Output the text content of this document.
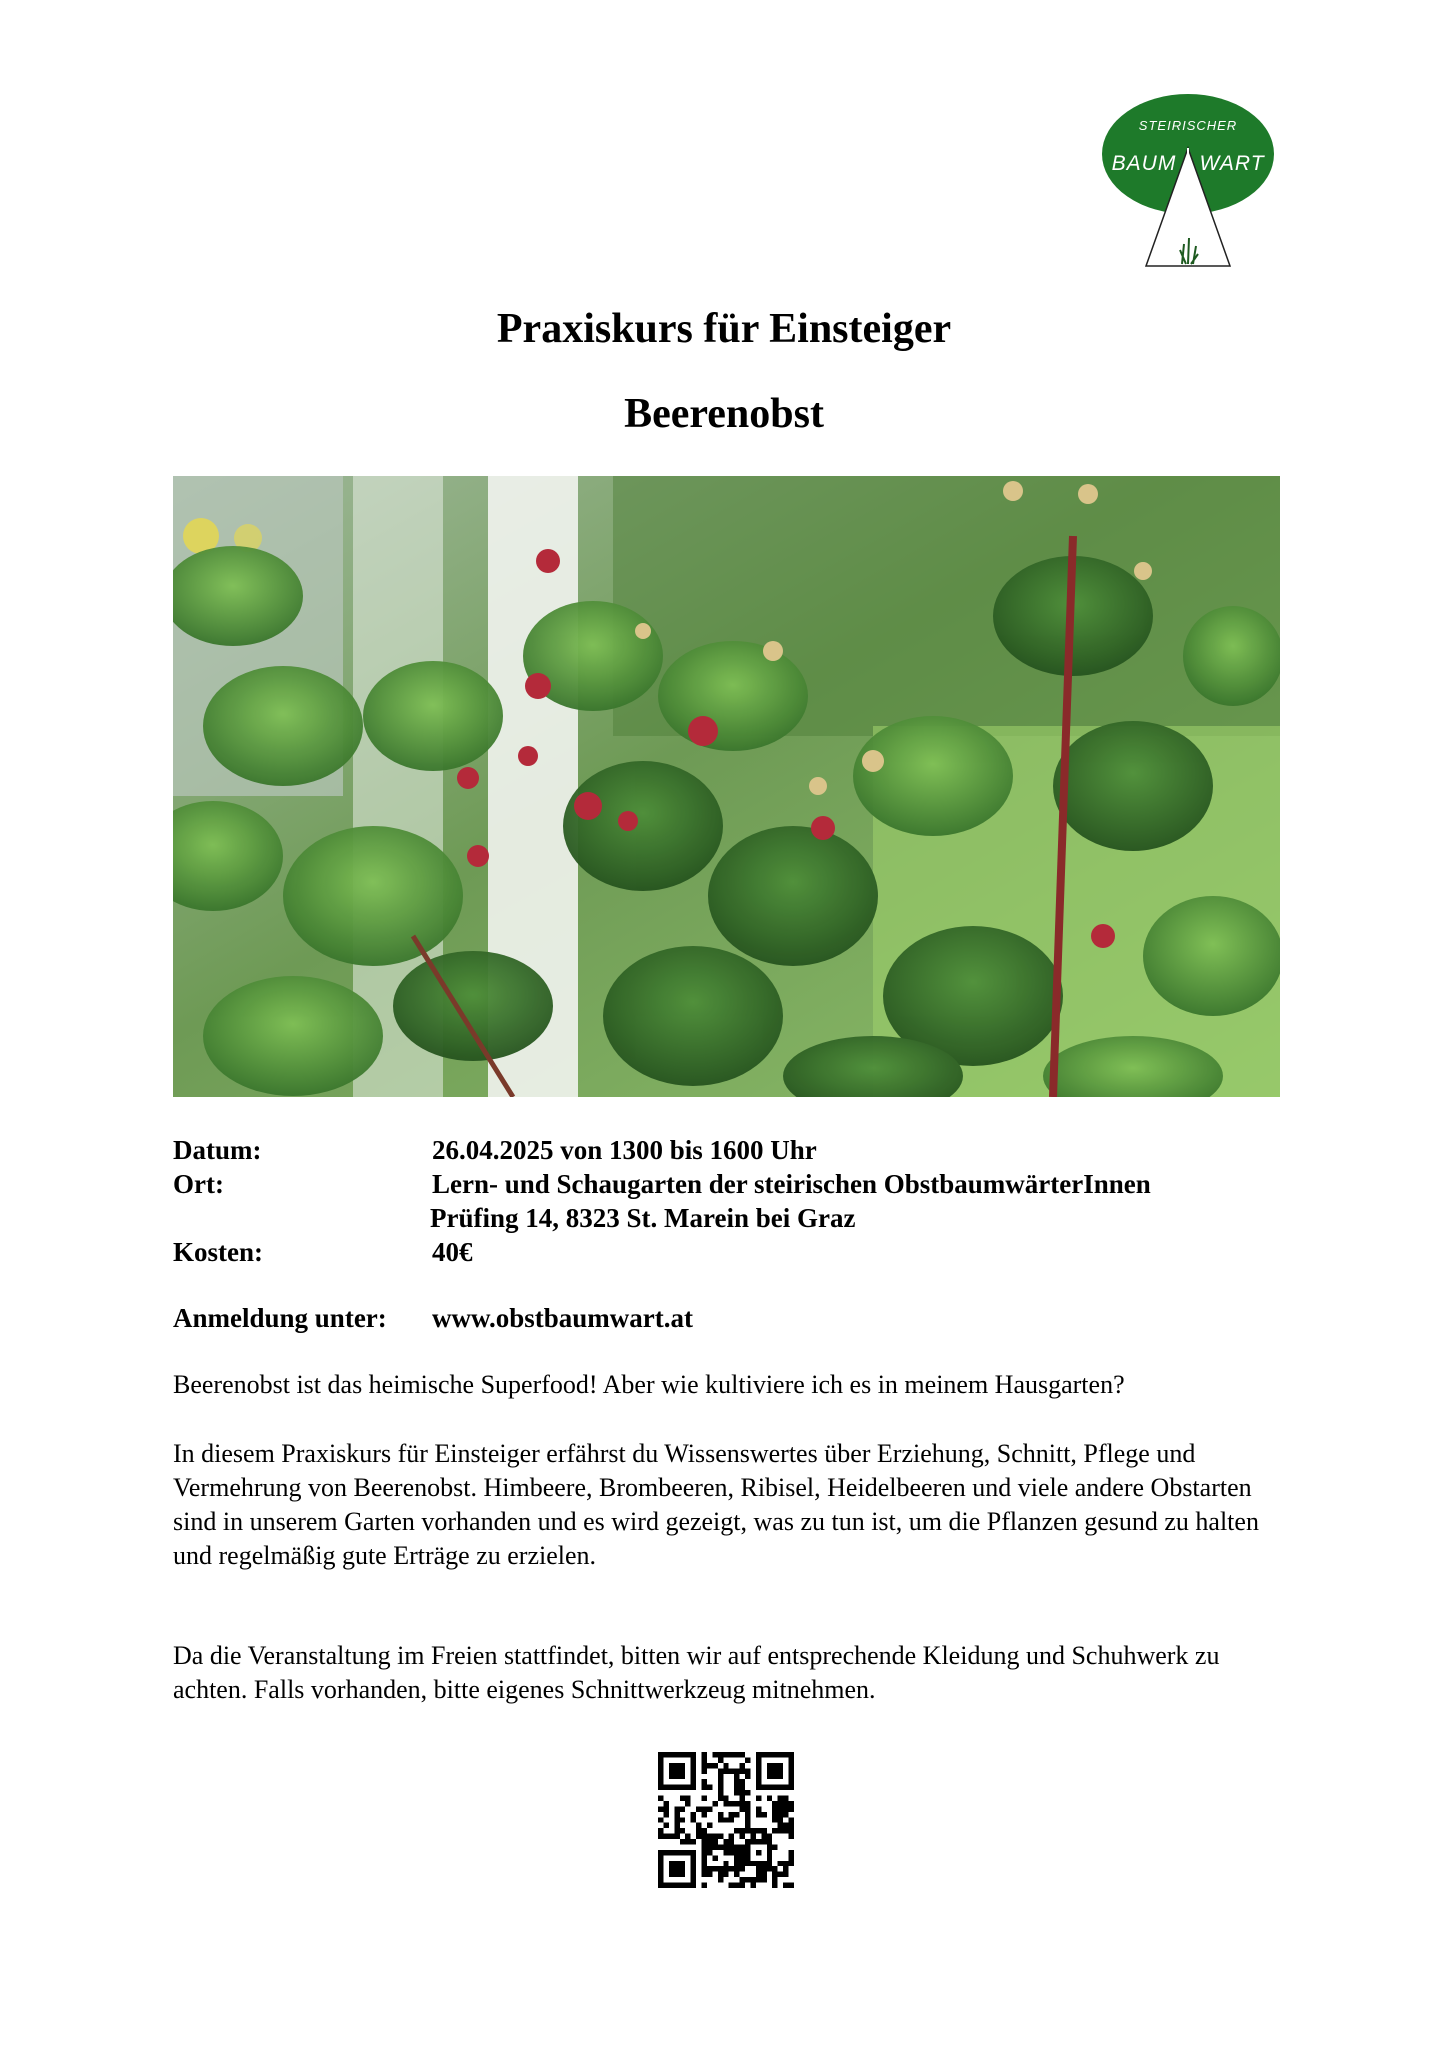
STEIRISCHER
BAUM WART
Praxiskurs für Einsteiger
Beerenobst
Datum:	26.04.2025 von 1300 bis 1600 Uhr
Ort:	Lern- und Schaugarten der steirischen ObstbaumwärterInnen
Prüfing 14, 8323 St. Marein bei Graz
Kosten:	40€
Anmeldung unter:	www.obstbaumwart.at

Beerenobst ist das heimische Superfood! Aber wie kultiviere ich es in meinem Hausgarten?

In diesem Praxiskurs für Einsteiger erfährst du Wissenswertes über Erziehung, Schnitt, Pflege und Vermehrung von Beerenobst. Himbeere, Brombeeren, Ribisel, Heidelbeeren und viele andere Obstarten sind in unserem Garten vorhanden und es wird gezeigt, was zu tun ist, um die Pflanzen gesund zu halten und regelmäßig gute Erträge zu erzielen.

Da die Veranstaltung im Freien stattfindet, bitten wir auf entsprechende Kleidung und Schuhwerk zu achten. Falls vorhanden, bitte eigenes Schnittwerkzeug mitnehmen.
